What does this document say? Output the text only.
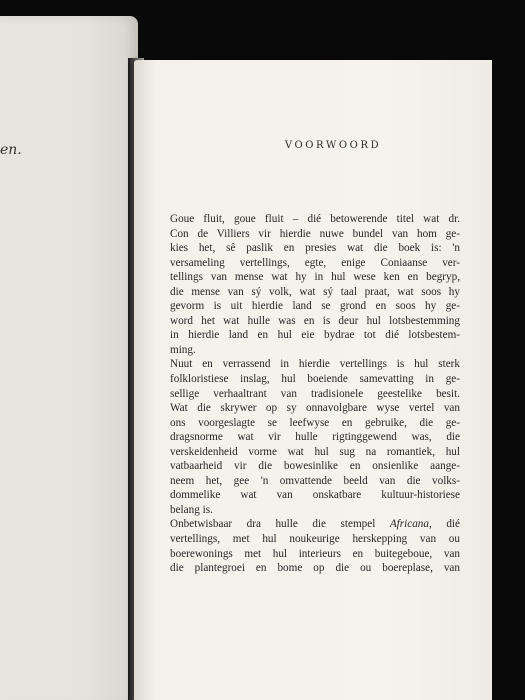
en.	VOORWOORD

Goue fluit, goue fluit – dié betowerende titel wat dr.
Con de Villiers vir hierdie nuwe bundel van hom ge-
kies het, sê paslik en presies wat die boek is: 'n
versameling vertellings, egte, enige Coniaanse ver-
tellings van mense wat hy in hul wese ken en begryp,
die mense van sý volk, wat sý taal praat, wat soos hy
gevorm is uit hierdie land se grond en soos hy ge-
word het wat hulle was en is deur hul lotsbestemming
in hierdie land en hul eie bydrae tot dié lotsbestem-
ming.
Nuut en verrassend in hierdie vertellings is hul sterk
folkloristiese inslag, hul boeiende samevatting in ge-
sellige verhaaltrant van tradisionele geestelike besit.
Wat die skrywer op sy onnavolgbare wyse vertel van
ons voorgeslagte se leefwyse en gebruike, die ge-
dragsnorme wat vir hulle rigtinggewend was, die
verskeidenheid vorme wat hul sug na romantiek, hul
vatbaarheid vir die bowesinlike en onsienlike aange-
neem het, gee 'n omvattende beeld van die volks-
dommelike wat van onskatbare kultuur-historiese
belang is.
Onbetwisbaar dra hulle die stempel Africana, dié
vertellings, met hul noukeurige herskepping van ou
boerewonings met hul interieurs en buitegeboue, van
die plantegroei en bome op die ou boereplase, van
